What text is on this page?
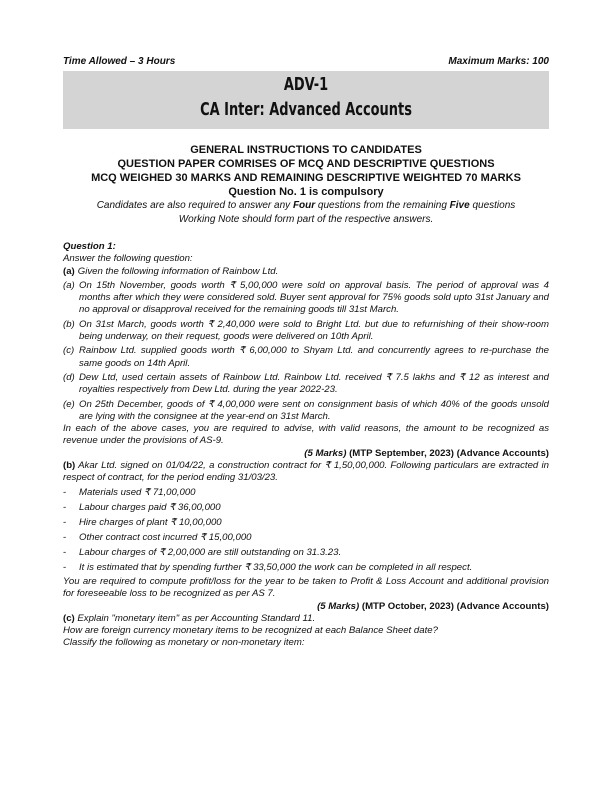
Time Allowed – 3 Hours	Maximum Marks: 100
ADV-1
CA Inter: Advanced Accounts
GENERAL INSTRUCTIONS TO CANDIDATES
QUESTION PAPER COMRISES OF MCQ AND DESCRIPTIVE QUESTIONS
MCQ WEIGHED 30 MARKS AND REMAINING DESCRIPTIVE WEIGHTED 70 MARKS
Question No. 1 is compulsory
Candidates are also required to answer any Four questions from the remaining Five questions
Working Note should form part of the respective answers.
Question 1:
Answer the following question:
(a) Given the following information of Rainbow Ltd.
(a) On 15th November, goods worth ₹ 5,00,000 were sold on approval basis. The period of approval was 4 months after which they were considered sold. Buyer sent approval for 75% goods sold upto 31st January and no approval or disapproval received for the remaining goods till 31st March.
(b) On 31st March, goods worth ₹ 2,40,000 were sold to Bright Ltd. but due to refurnishing of their show-room being underway, on their request, goods were delivered on 10th April.
(c) Rainbow Ltd. supplied goods worth ₹ 6,00,000 to Shyam Ltd. and concurrently agrees to re-purchase the same goods on 14th April.
(d) Dew Ltd, used certain assets of Rainbow Ltd. Rainbow Ltd. received ₹ 7.5 lakhs and ₹ 12 as interest and royalties respectively from Dew Ltd. during the year 2022-23.
(e) On 25th December, goods of ₹ 4,00,000 were sent on consignment basis of which 40% of the goods unsold are lying with the consignee at the year-end on 31st March.
In each of the above cases, you are required to advise, with valid reasons, the amount to be recognized as revenue under the provisions of AS-9.
(5 Marks) (MTP September, 2023) (Advance Accounts)
(b) Akar Ltd. signed on 01/04/22, a construction contract for ₹ 1,50,00,000. Following particulars are extracted in respect of contract, for the period ending 31/03/23.
-	Materials used ₹ 71,00,000
-	Labour charges paid ₹ 36,00,000
-	Hire charges of plant ₹ 10,00,000
-	Other contract cost incurred ₹ 15,00,000
-	Labour charges of ₹ 2,00,000 are still outstanding on 31.3.23.
-	It is estimated that by spending further ₹ 33,50,000 the work can be completed in all respect.
You are required to compute profit/loss for the year to be taken to Profit & Loss Account and additional provision for foreseeable loss to be recognized as per AS 7.
(5 Marks) (MTP October, 2023) (Advance Accounts)
(c) Explain "monetary item" as per Accounting Standard 11.
How are foreign currency monetary items to be recognized at each Balance Sheet date?
Classify the following as monetary or non-monetary item:
